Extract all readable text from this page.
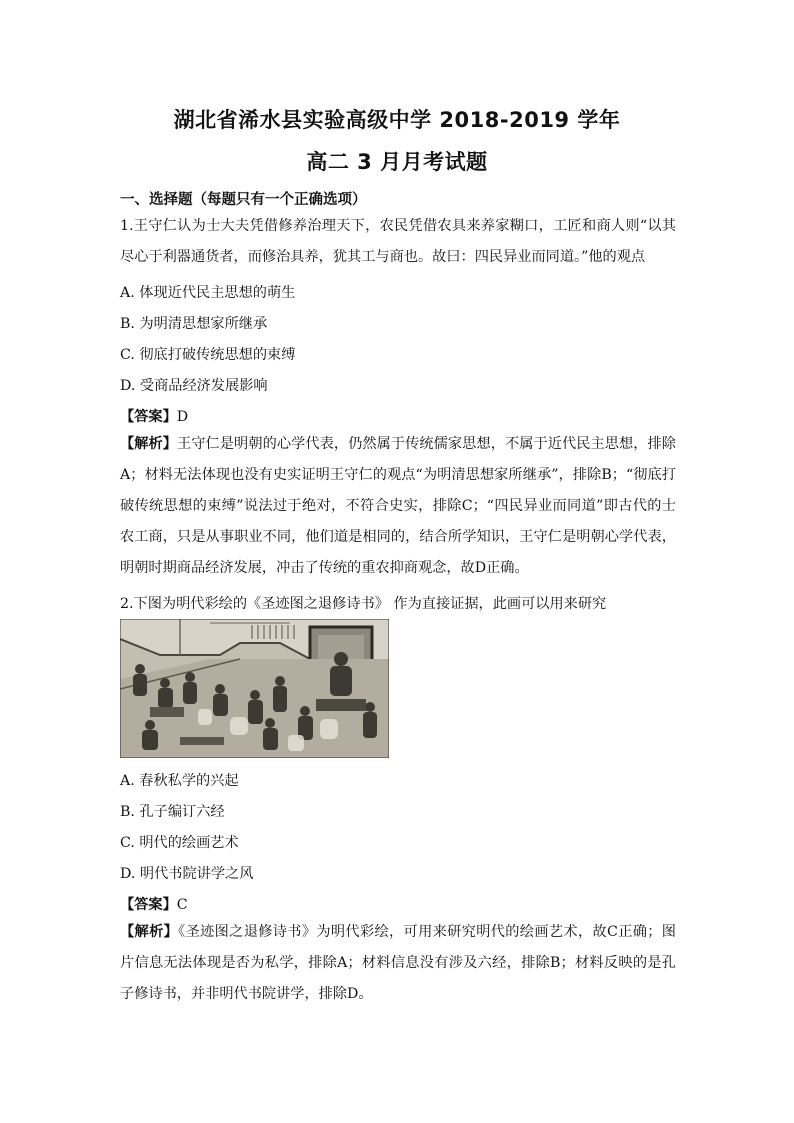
湖北省浠水县实验高级中学 2018-2019 学年
高二 3 月月考试题
一、选择题（每题只有一个正确选项）
1.王守仁认为士大夫凭借修养治理天下，农民凭借农具来养家糊口，工匠和商人则“以其尽心于利器通货者，而修治具养，犹其工与商也。故曰：四民异业而同道。”他的观点
A. 体现近代民主思想的萌生
B. 为明清思想家所继承
C. 彻底打破传统思想的束缚
D. 受商品经济发展影响
【答案】D
【解析】王守仁是明朝的心学代表，仍然属于传统儒家思想，不属于近代民主思想，排除A；材料无法体现也没有史实证明王守仁的观点“为明清思想家所继承”，排除B；“彻底打破传统思想的束缚”说法过于绝对，不符合史实，排除C；“四民异业而同道”即古代的士农工商，只是从事职业不同，他们道是相同的，结合所学知识，王守仁是明朝心学代表，明朝时期商品经济发展，冲击了传统的重农抑商观念，故D正确。
2.下图为明代彩绘的《圣迹图之退修诗书》 作为直接证据，此画可以用来研究
A. 春秋私学的兴起
B. 孔子编订六经
C. 明代的绘画艺术
D. 明代书院讲学之风
【答案】C
【解析】《圣迹图之退修诗书》为明代彩绘，可用来研究明代的绘画艺术，故C正确；图片信息无法体现是否为私学，排除A；材料信息没有涉及六经，排除B；材料反映的是孔子修诗书，并非明代书院讲学，排除D。
